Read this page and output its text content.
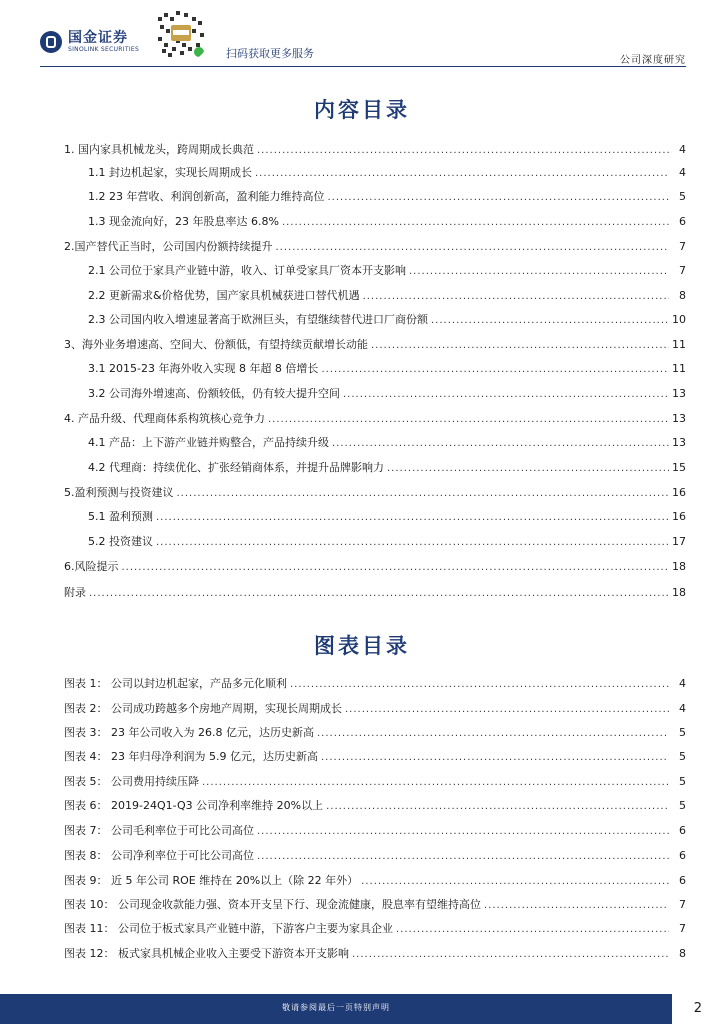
国金证券
SINOLINK SECURITIES	扫码获取更多服务
公司深度研究
内容目录
1. 国内家具机械龙头，跨周期成长典范 .....	4
1.1 封边机起家，实现长周期成长 .....	4
1.2 23 年营收、利润创新高，盈利能力维持高位 .....	5
1.3 现金流向好，23 年股息率达 6.8% .....	6
2.国产替代正当时，公司国内份额持续提升 .....	7
2.1 公司位于家具产业链中游，收入、订单受家具厂资本开支影响 .....	7
2.2 更新需求&价格优势，国产家具机械获进口替代机遇 .....	8
2.3 公司国内收入增速显著高于欧洲巨头，有望继续替代进口厂商份额 .....	10
3、海外业务增速高、空间大、份额低，有望持续贡献增长动能 .....	11
3.1 2015-23 年海外收入实现 8 年超 8 倍增长 .....	11
3.2 公司海外增速高、份额较低，仍有较大提升空间 .....	13
4. 产品升级、代理商体系构筑核心竞争力 .....	13
4.1 产品：上下游产业链并购整合，产品持续升级 .....	13
4.2 代理商：持续优化、扩张经销商体系，并提升品牌影响力 .....	15
5.盈利预测与投资建议 .....	16
5.1 盈利预测 .....	16
5.2 投资建议 .....	17
6.风险提示 .....	18
附录 .....	18
图表目录
图表 1： 公司以封边机起家，产品多元化顺利 .....	4
图表 2： 公司成功跨越多个房地产周期，实现长周期成长 .....	4
图表 3： 23 年公司收入为 26.8 亿元，达历史新高 .....	5
图表 4： 23 年归母净利润为 5.9 亿元，达历史新高 .....	5
图表 5： 公司费用持续压降 .....	5
图表 6： 2019-24Q1-Q3 公司净利率维持 20%以上 .....	5
图表 7： 公司毛利率位于可比公司高位 .....	6
图表 8： 公司净利率位于可比公司高位 .....	6
图表 9： 近 5 年公司 ROE 维持在 20%以上（除 22 年外） .....	6
图表 10： 公司现金收款能力强、资本开支呈下行、现金流健康，股息率有望维持高位 .....	7
图表 11： 公司位于板式家具产业链中游，下游客户主要为家具企业 .....	7
图表 12： 板式家具机械企业收入主要受下游资本开支影响 .....	8
敬请参阅最后一页特别声明	2
